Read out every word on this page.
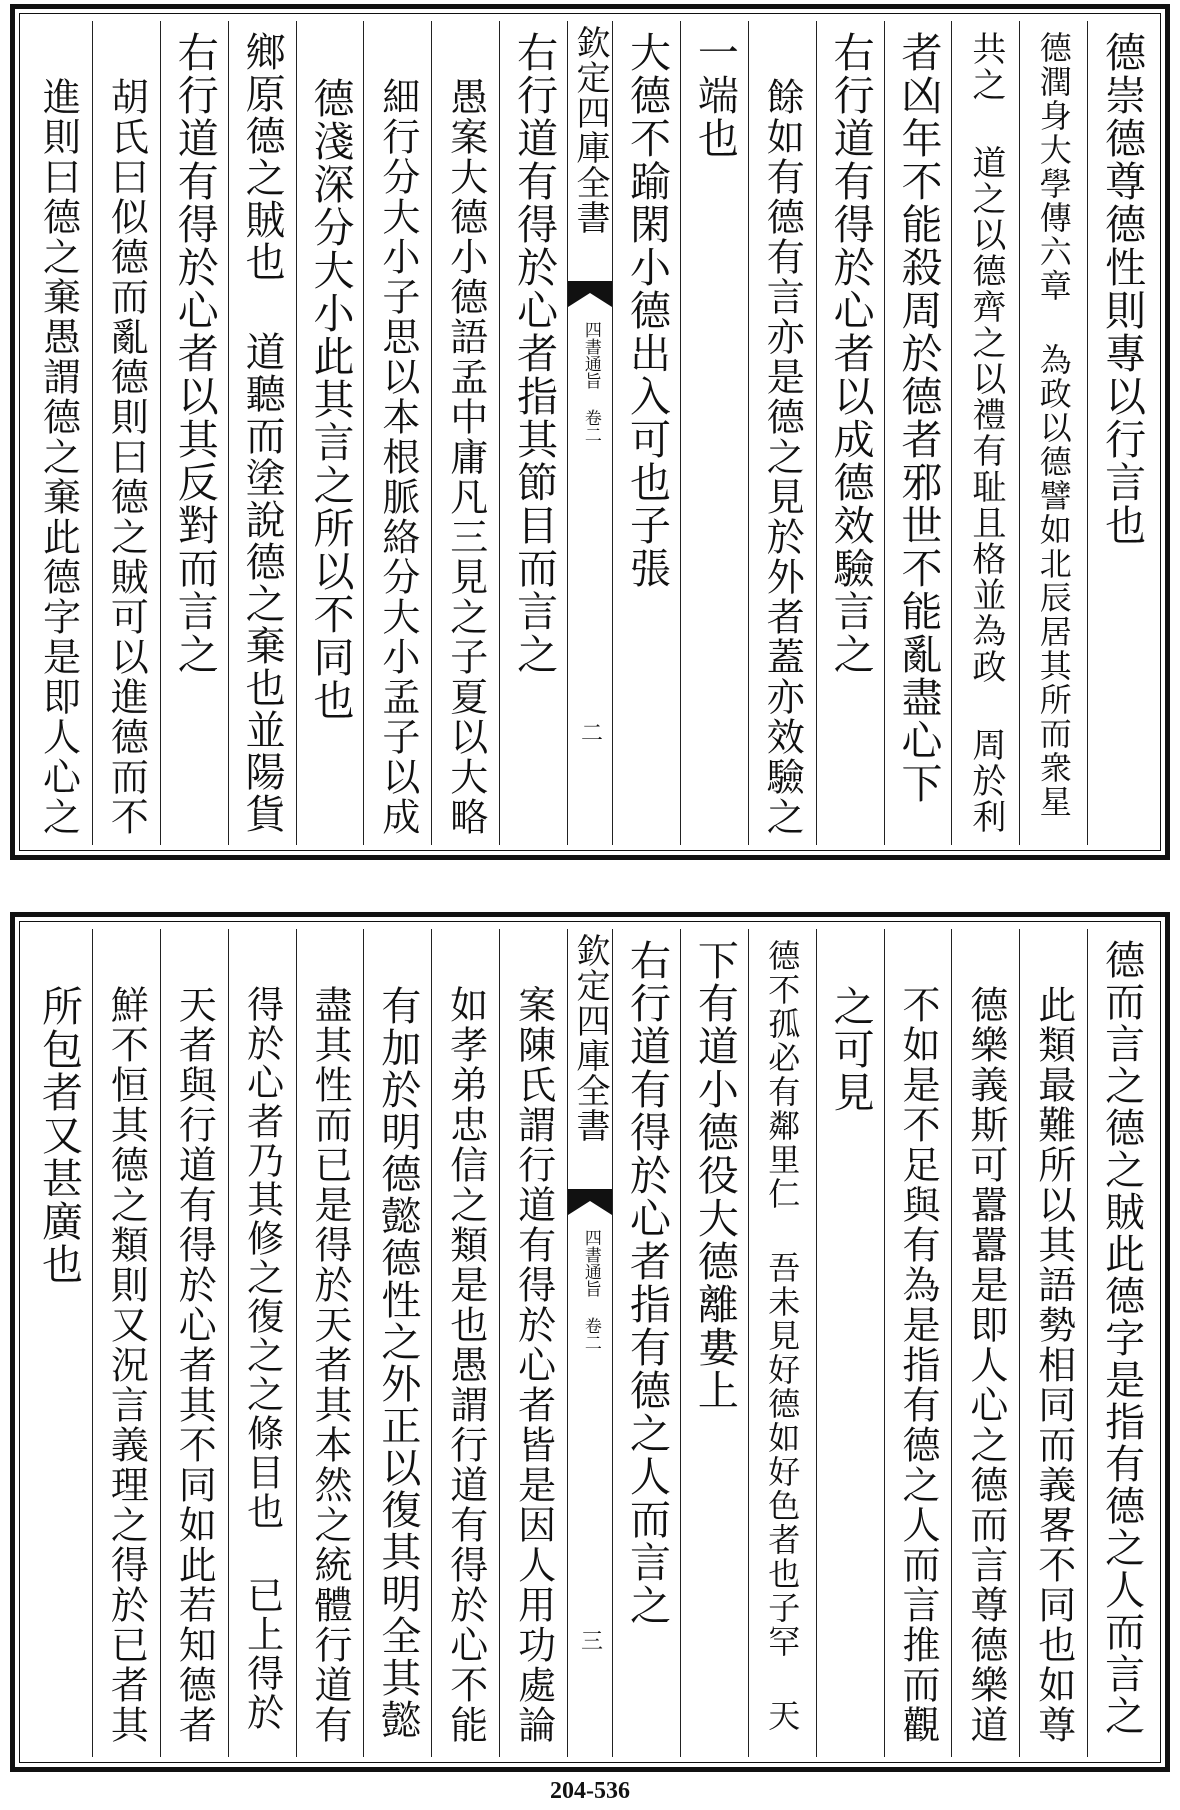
德崇德尊德性則專以行言也
德潤身大學傳六章 為政以德譬如北辰居其所而衆星
共之 道之以德齊之以禮有耻且格並為政 周於利
者凶年不能殺周於德者邪世不能亂盡心下
右行道有得於心者以成德效驗言之
餘如有德有言亦是德之見於外者蓋亦效驗之
一端也
大德不踰閑小德出入可也子張
欽定四庫全書
四書通旨 卷二
二
右行道有得於心者指其節目而言之
愚案大德小德語孟中庸凡三見之子夏以大略
細行分大小子思以本根脈絡分大小孟子以成
德淺深分大小此其言之所以不同也
鄉原德之賊也 道聽而塗說德之棄也並陽貨
右行道有得於心者以其反對而言之
胡氏曰似德而亂德則曰德之賊可以進德而不
進則曰德之棄愚謂德之棄此德字是即人心之
德而言之德之賊此德字是指有德之人而言之
此類最難所以其語勢相同而義畧不同也如尊
德樂義斯可囂囂是即人心之德而言尊德樂道
不如是不足與有為是指有德之人而言推而觀
之可見
德不孤必有鄰里仁 吾未見好德如好色者也子罕 天
下有道小德役大德離婁上
右行道有得於心者指有德之人而言之
欽定四庫全書
四書通旨 卷二
三
案陳氏謂行道有得於心者皆是因人用功處論
如孝弟忠信之類是也愚謂行道有得於心不能
有加於明德懿德性之外正以復其明全其懿
盡其性而已是得於天者其本然之統體行道有
得於心者乃其修之復之之條目也 已上得於
天者與行道有得於心者其不同如此若知德者
鮮不恒其德之類則又況言義理之得於已者其
所包者又甚廣也
204-536
